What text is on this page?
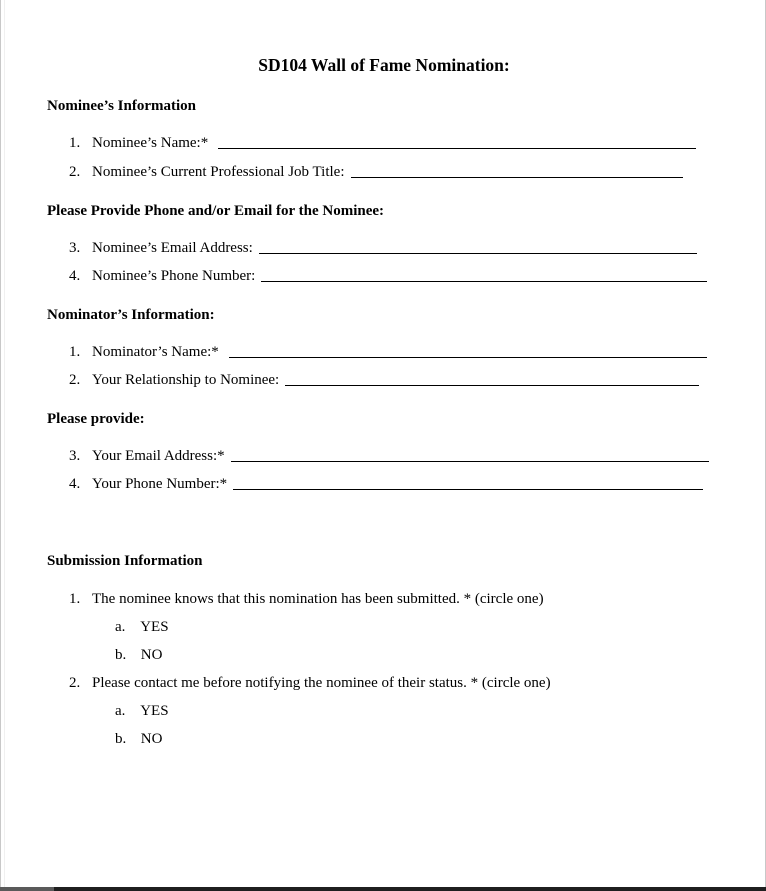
SD104 Wall of Fame Nomination:
Nominee’s Information
1. Nominee’s Name:*
2. Nominee’s Current Professional Job Title:
Please Provide Phone and/or Email for the Nominee:
3. Nominee’s Email Address:
4. Nominee’s Phone Number:
Nominator’s Information:
1. Nominator’s Name:*
2. Your Relationship to Nominee:
Please provide:
3. Your Email Address:*
4. Your Phone Number:*
Submission Information
1. The nominee knows that this nomination has been submitted. * (circle one)
a. YES
b. NO
2. Please contact me before notifying the nominee of their status. * (circle one)
a. YES
b. NO
